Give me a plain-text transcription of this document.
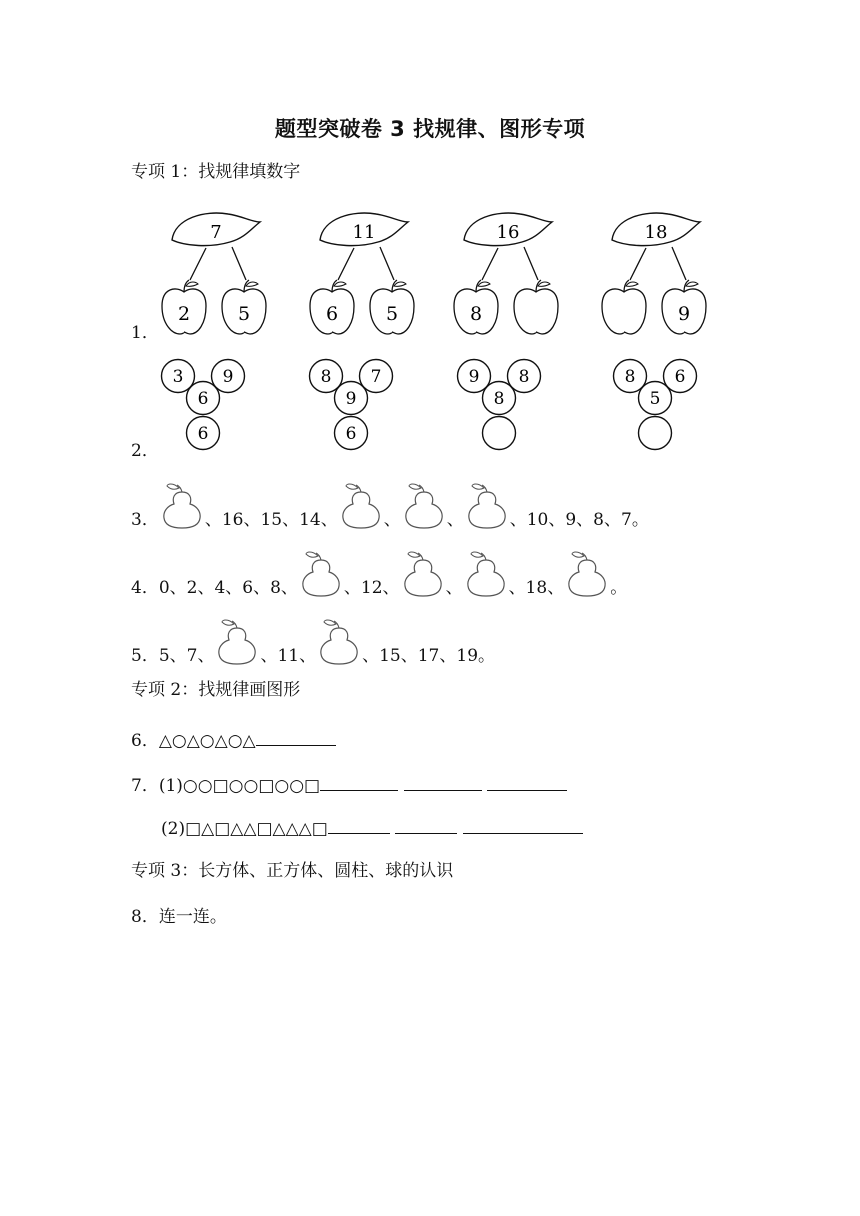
题型突破卷 3 找规律、图形专项
专项 1：找规律填数字
1．
7
2	5
11
6	5
16
8
18
9
2．
3 9
6
6
8 7
9
6
9 8
8
8 6
5
3．	、16、15、14、	、	、	、10、9、8、7。
4． 0、2、4、6、8、	、12、	、	、18、	。
5． 5、7、	、11、	、15、17、19。
专项 2：找规律画图形
6．△○△○△○△
7．(1)○○□○○□○○□
(2)□△□△△□△△△□
专项 3：长方体、正方体、圆柱、球的认识
8．连一连。
